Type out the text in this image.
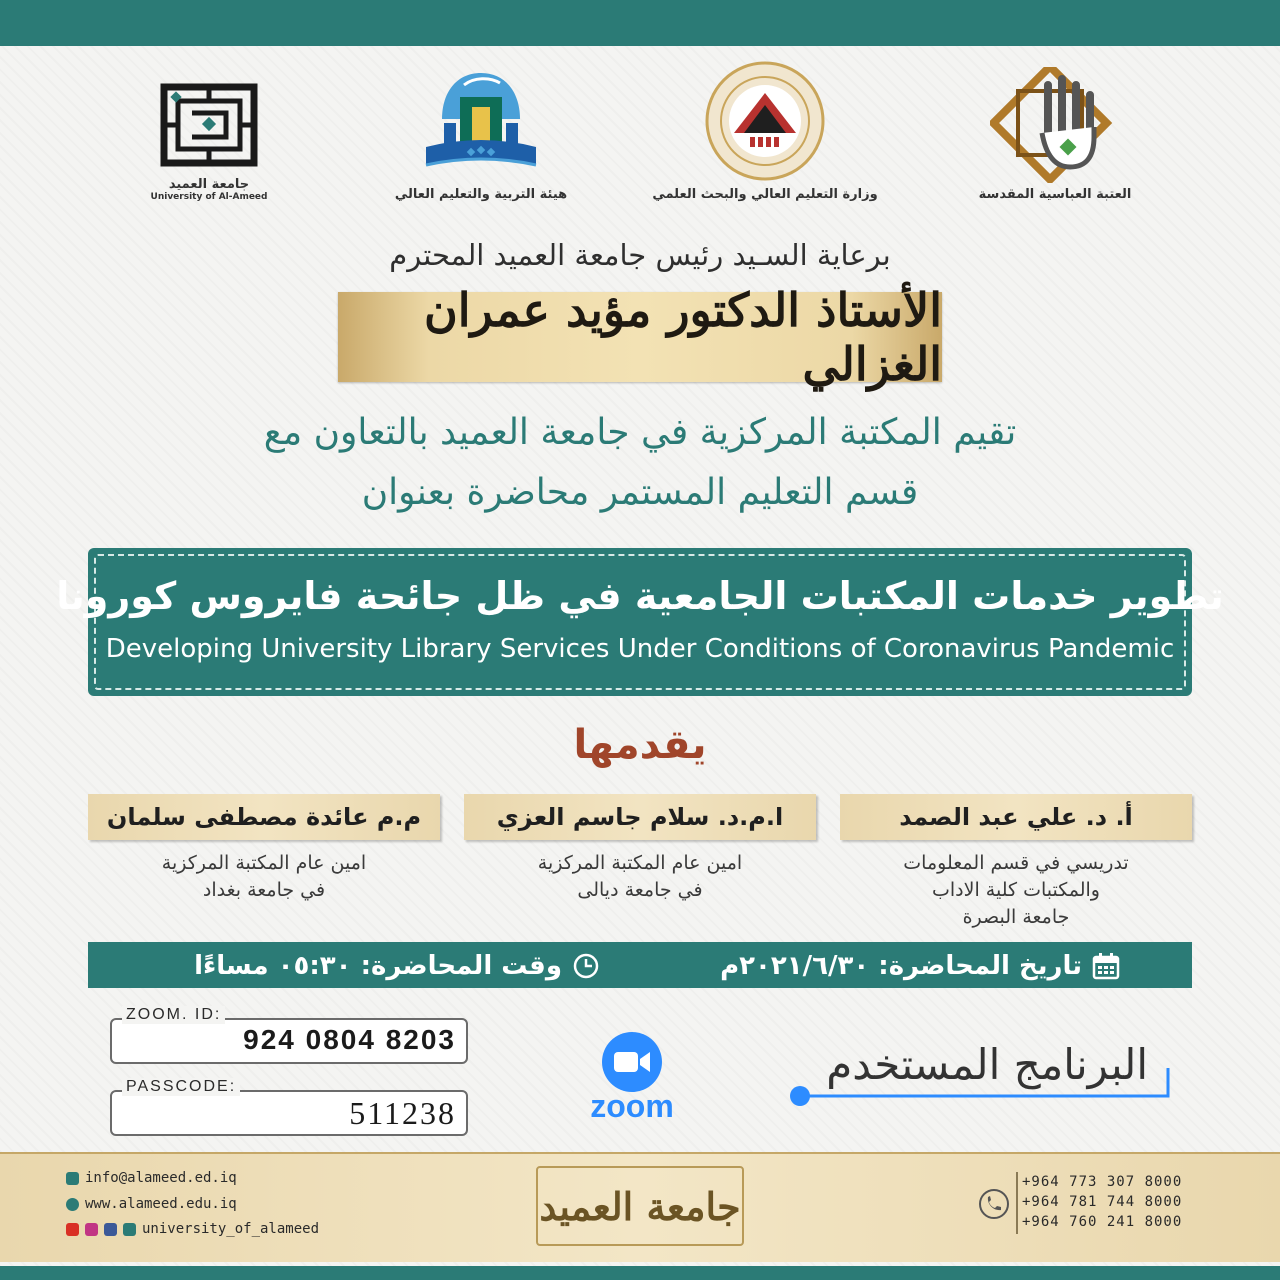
جامعة العميد
University of Al-Ameed	هيئة التربية والتعليم العالي	وزارة التعليم العالي والبحث العلمي	العتبة العباسية المقدسة
برعاية السـيد رئيس جامعة العميد المحترم
الأستاذ الدكتور مؤيد عمران الغزالي
تقيم المكتبة المركزية في جامعة العميد بالتعاون مع
قسم التعليم المستمر محاضرة بعنوان
تطوير خدمات المكتبات الجامعية في ظل جائحة فايروس كورونا
Developing University Library Services Under Conditions of Coronavirus Pandemic
يقدمها
أ. د. علي عبد الصمد
ا.م.د. سلام جاسم العزي
م.م عائدة مصطفى سلمان
تدريسي في قسم المعلومات
والمكتبات كلية الاداب
جامعة البصرة
امين عام المكتبة المركزية
في جامعة ديالى
امين عام المكتبة المركزية
في جامعة بغداد
تاريخ المحاضرة: ٢٠٢١/٦/٣٠م
وقت المحاضرة: ٠٥:٣٠ مساءًا
ZOOM. ID:
924 0804 8203
PASSCODE:
511238	zoom
البرنامج المستخدم
info@alameed.ed.iq
www.alameed.edu.iq
university_of_alameed
جامعة العميد
+964 773 307 8000
+964 781 744 8000
+964 760 241 8000
